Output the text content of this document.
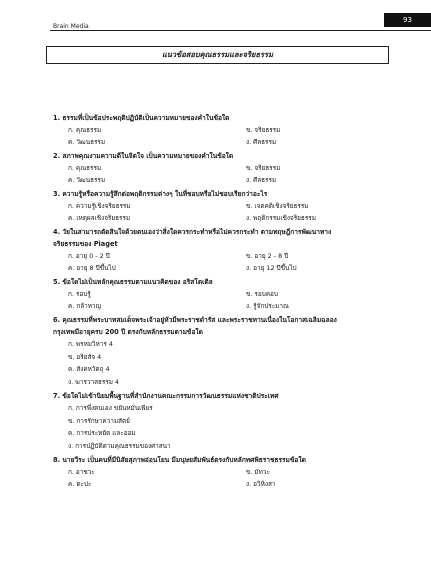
Brain Media
93
แนวข้อสอบคุณธรรมและจริยธรรม
1. ธรรมที่เป็นข้อประพฤติปฏิบัติเป็นความหมายของคำในข้อใด
ก. คุณธรรม	ข. จริยธรรม
ค. วัฒนธรรม	ง. ศีลธรรม
2. สภาพคุณงามความดีในจิตใจ เป็นความหมายของคำในข้อใด
ก. คุณธรรม	ข. จริยธรรม
ค. วัฒนธรรม	ง. ศีลธรรม
3. ความรู้หรือความรู้สึกต่อพฤติกรรมต่างๆ ในที่ชอบหรือไม่ชอบเรียกว่าอะไร
ก. ความรู้เชิงจริยธรรม	ข. เจตคติเชิงจริยธรรม
ค. เหตุผลเชิงจริยธรรม	ง. พฤติกรรมเชิงจริยธรรม
4. วัยในสามารถตัดสินใจด้วยตนเองว่าสิ่งใดควรกระทำหรือไม่ควรกระทำ ตามทฤษฎีการพัฒนาทาง
จริยธรรมของ Piaget
ก. อายุ 0 - 2 ปี	ข. อายุ 2 - 8 ปี
ค. อายุ 8 ปีขึ้นไป	ง. อายุ 12 ปีขึ้นไป
5. ข้อใดไม่เป็นหลักคุณธรรมตามแนวคิดของ อริสโตเติล
ก. รอบรู้	ข. รอบคอบ
ค. กล้าหาญ	ง. รู้จักประมาณ
6. คุณธรรมที่พระบาทสมเด็จพระเจ้าอยู่หัวมีพระราชดำรัส และพระราชทานเนื่องในโอกาสเฉลิมฉลอง
กรุงเทพมีอายุครบ 200 ปี ตรงกับหลักธรรมตามข้อใด
ก. พรหมวิหาร 4
ข. อริยสัจ 4
ค. สังคหวัตถุ 4
ง. ฆารวาสธรรม 4
7. ข้อใดไม่เข้านิยมพื้นฐานที่สำนักงานคณะกรรมการวัฒนธรรมแห่งชาติประเทศ
ก. การพึ่งตนเอง ขยันหมั่นเพียร
ข. การรักษาความสัตย์
ค. การประหยัด และออม
ง. การปฏิบัติตามคุณธรรมของศาสนา
8. นายวีระ เป็นคนที่มีนิสัยสุภาพอ่อนโยน มีมนุษยสัมพันธ์ตรงกับหลักทศพิธราชธรรมข้อใด
ก. อาชวะ	ข. มัทวะ
ค. ตะปะ	ง. อวิหิงสา
